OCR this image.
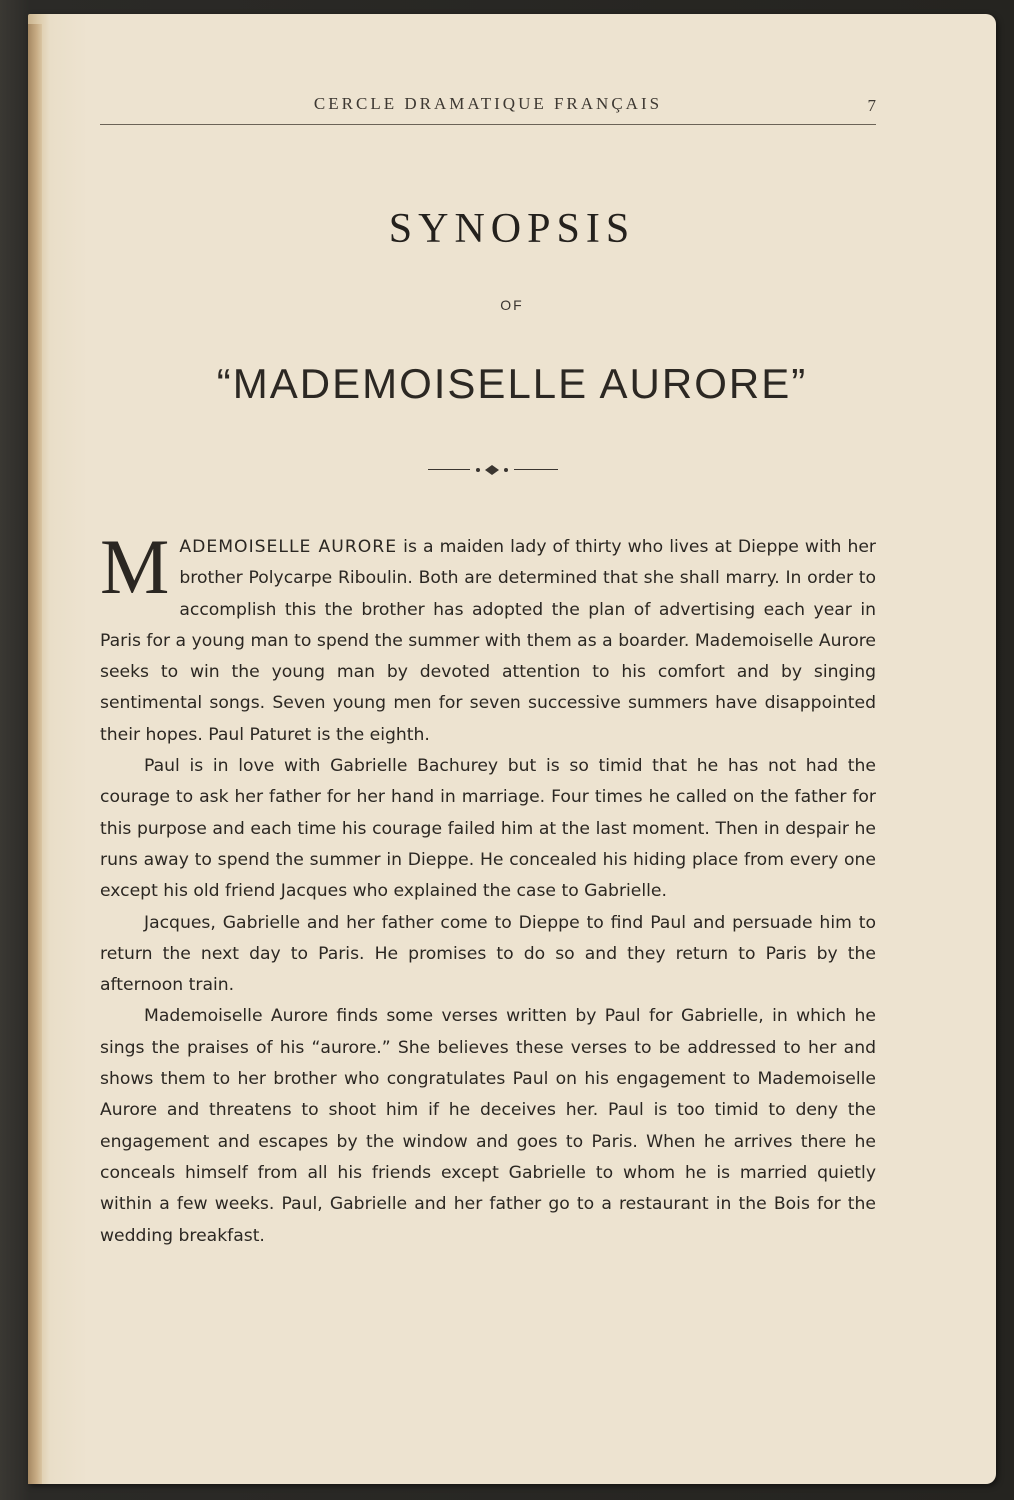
CERCLE DRAMATIQUE FRANÇAIS	7
SYNOPSIS
OF
“MADEMOISELLE AURORE”

MADEMOISELLE AURORE is a maiden lady of thirty who lives at Dieppe with her brother Polycarpe Riboulin. Both are determined that she shall marry. In order to accomplish this the brother has adopted the plan of advertising each year in Paris for a young man to spend the summer with them as a boarder. Mademoiselle Aurore seeks to win the young man by devoted attention to his comfort and by singing sentimental songs. Seven young men for seven successive summers have disappointed their hopes. Paul Paturet is the eighth.

Paul is in love with Gabrielle Bachurey but is so timid that he has not had the courage to ask her father for her hand in marriage. Four times he called on the father for this purpose and each time his courage failed him at the last moment. Then in despair he runs away to spend the summer in Dieppe. He concealed his hiding place from every one except his old friend Jacques who explained the case to Gabrielle.

Jacques, Gabrielle and her father come to Dieppe to find Paul and persuade him to return the next day to Paris. He promises to do so and they return to Paris by the afternoon train.

Mademoiselle Aurore finds some verses written by Paul for Gabrielle, in which he sings the praises of his “aurore.” She believes these verses to be addressed to her and shows them to her brother who congratulates Paul on his engagement to Mademoiselle Aurore and threatens to shoot him if he deceives her. Paul is too timid to deny the engagement and escapes by the window and goes to Paris. When he arrives there he conceals himself from all his friends except Gabrielle to whom he is married quietly within a few weeks. Paul, Gabrielle and her father go to a restaurant in the Bois for the wedding breakfast.
